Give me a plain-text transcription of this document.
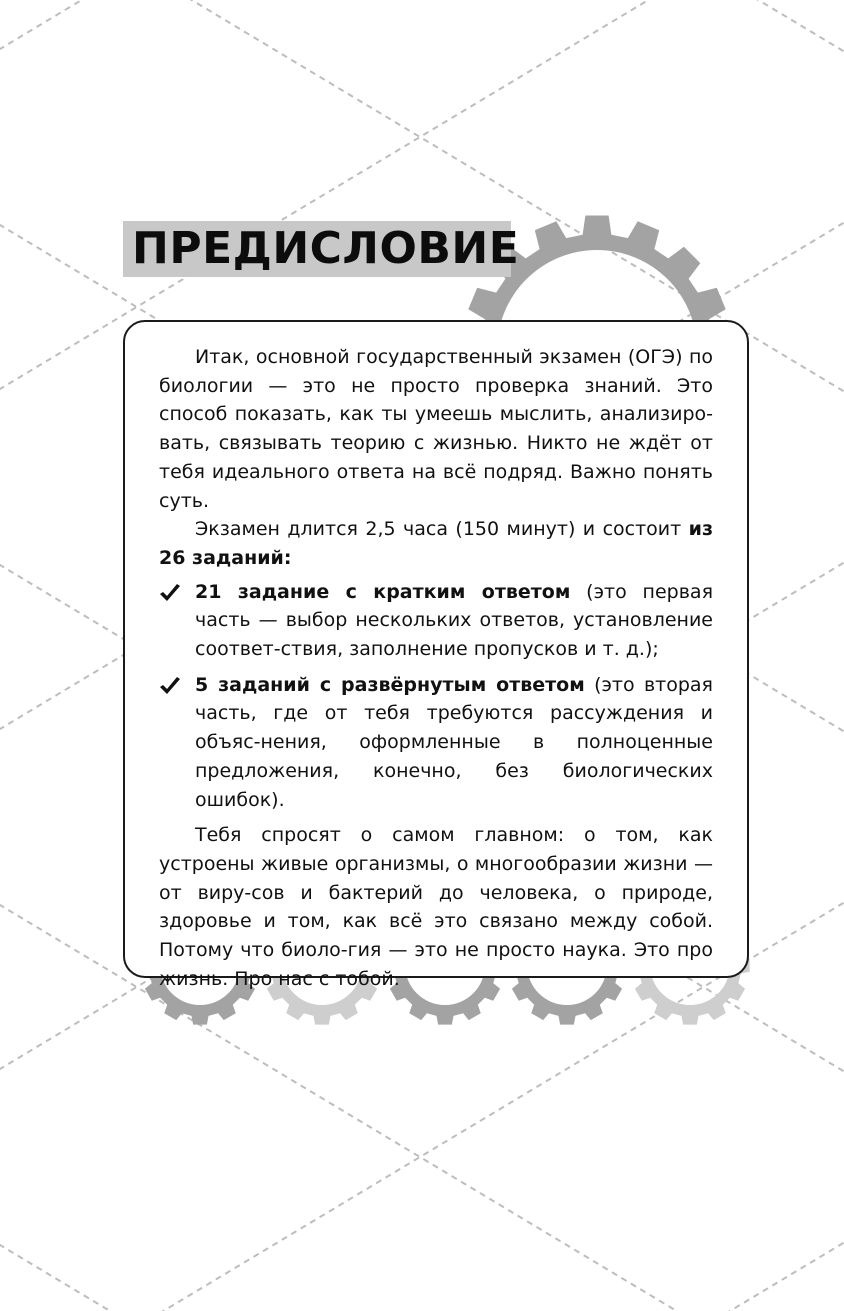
ПРЕДИСЛОВИЕ

Итак, основной государственный экзамен (ОГЭ) по биологии — это не просто проверка знаний. Это способ показать, как ты умеешь мыслить, анализиро-вать, связывать теорию с жизнью. Никто не ждёт от тебя идеального ответа на всё подряд. Важно понять суть.

Экзамен длится 2,5 часа (150 минут) и состоит из 26 заданий:

21 задание с кратким ответом (это первая часть — выбор нескольких ответов, установление соответ-ствия, заполнение пропусков и т. д.);
5 заданий с развёрнутым ответом (это вторая часть, где от тебя требуются рассуждения и объяс-нения, оформленные в полноценные предложения, конечно, без биологических ошибок).

Тебя спросят о самом главном: о том, как устроены живые организмы, о многообразии жизни — от виру-сов и бактерий до человека, о природе, здоровье и том, как всё это связано между собой. Потому что биоло-гия — это не просто наука. Это про жизнь. Про нас с тобой.
